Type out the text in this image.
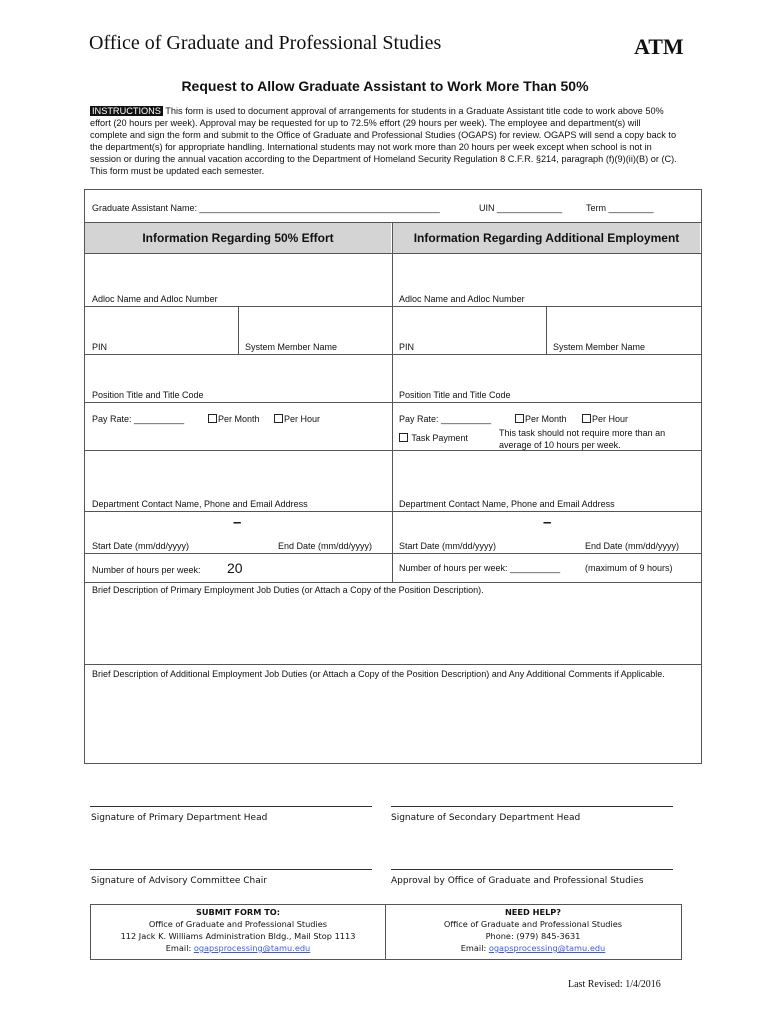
Office of Graduate and Professional Studies	ATM
Request to Allow Graduate Assistant to Work More Than 50%
INSTRUCTIONS This form is used to document approval of arrangements for students in a Graduate Assistant title code to work above 50% effort (20 hours per week). Approval may be requested for up to 72.5% effort (29 hours per week). The employee and department(s) will complete and sign the form and submit to the Office of Graduate and Professional Studies (OGAPS) for review. OGAPS will send a copy back to the department(s) for appropriate handling. International students may not work more than 20 hours per week except when school is not in session or during the annual vacation according to the Department of Homeland Security Regulation 8 C.F.R. §214, paragraph (f)(9)(ii)(B) or (C). This form must be updated each semester.
Graduate Assistant Name: ________________________________________________	UIN _____________	Term _________
Information Regarding 50% Effort	Information Regarding Additional Employment
Adloc Name and Adloc Number	Adloc Name and Adloc Number
PIN	System Member Name	PIN	System Member Name
Position Title and Title Code	Position Title and Title Code
Pay Rate: __________	Per Month	Per Hour	Pay Rate: __________	Per Month	Per Hour
Task Payment	This task should not require more than an average of 10 hours per week.
Department Contact Name, Phone and Email Address	Department Contact Name, Phone and Email Address
–	–
Start Date (mm/dd/yyyy)	End Date (mm/dd/yyyy)	Start Date (mm/dd/yyyy)	End Date (mm/dd/yyyy)
Number of hours per week: 20	Number of hours per week: __________	(maximum of 9 hours)
Brief Description of Primary Employment Job Duties (or Attach a Copy of the Position Description).
Brief Description of Additional Employment Job Duties (or Attach a Copy of the Position Description) and Any Additional Comments if Applicable.
Signature of Primary Department Head	Signature of Secondary Department Head
Signature of Advisory Committee Chair	Approval by Office of Graduate and Professional Studies
SUBMIT FORM TO:
Office of Graduate and Professional Studies
112 Jack K. Williams Administration Bldg., Mail Stop 1113
Email: ogapsprocessing@tamu.edu
NEED HELP?
Office of Graduate and Professional Studies
Phone: (979) 845-3631
Email: ogapsprocessing@tamu.edu
Last Revised: 1/4/2016
